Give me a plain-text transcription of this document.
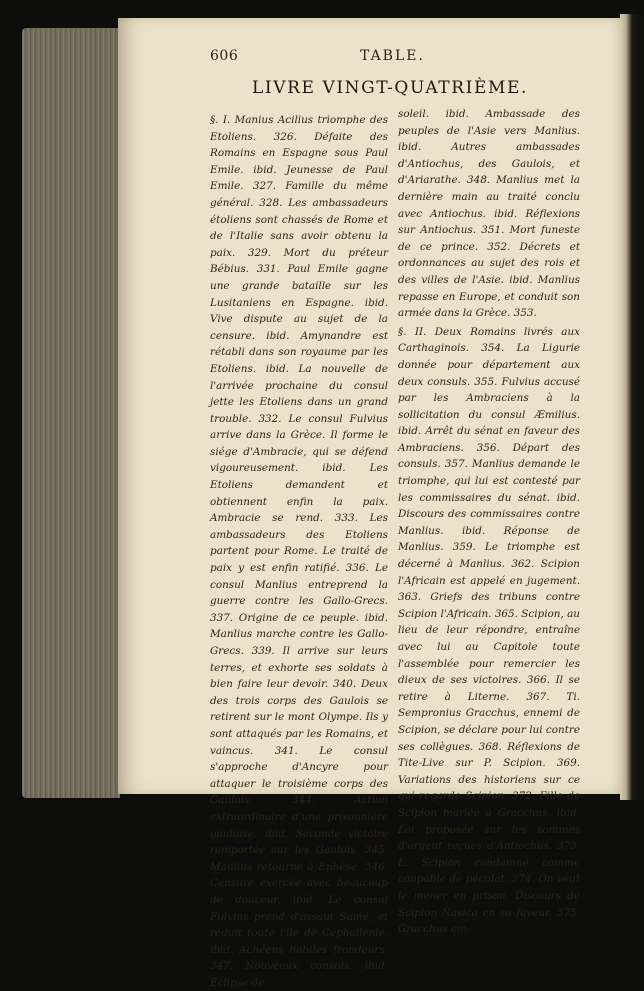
606	TABLE.
LIVRE VINGT-QUATRIÈME.

§. I. Manius Acilius triomphe des Etoliens. 326. Défaite des Romains en Espagne sous Paul Emile. ibid. Jeunesse de Paul Emile. 327. Famille du même général. 328. Les ambassadeurs étoliens sont chassés de Rome et de l'Italie sans avoir obtenu la paix. 329. Mort du préteur Bébius. 331. Paul Emile gagne une grande bataille sur les Lusitaniens en Espagne. ibid. Vive dispute au sujet de la censure. ibid. Amynandre est rétabli dans son royaume par les Etoliens. ibid. La nouvelle de l'arrivée prochaine du consul jette les Etoliens dans un grand trouble. 332. Le consul Fulvius arrive dans la Grèce. Il forme le siége d'Ambracie, qui se défend vigoureusement. ibid. Les Etoliens demandent et obtiennent enfin la paix. Ambracie se rend. 333. Les ambassadeurs des Etoliens partent pour Rome. Le traité de paix y est enfin ratifié. 336. Le consul Manlius entreprend la guerre contre les Gallo-Grecs. 337. Origine de ce peuple. ibid. Manlius marche contre les Gallo-Grecs. 339. Il arrive sur leurs terres, et exhorte ses soldats à bien faire leur devoir. 340. Deux des trois corps des Gaulois se retirent sur le mont Olympe. Ils y sont attaqués par les Romains, et vaincus. 341. Le consul s'approche d'Ancyre pour attaquer le troisième corps des Gaulois. 344. Action extraordinaire d'une prisonnière gauloise. ibid. Seconde victoire remportée sur les Gaulois. 345. Manlius retourne à Ephèse. 346. Censure exercée avec beaucoup de douceur. ibid. Le consul Fulvius prend d'assaut Samé, et réduit toute l'île de Céphallénie. ibid. Achéens habiles frondeurs. 347. Nouveaux consuls. ibid. Eclipse de

soleil. ibid. Ambassade des peuples de l'Asie vers Manlius. ibid. Autres ambassades d'Antiochus, des Gaulois, et d'Ariarathe. 348. Manlius met la dernière main au traité conclu avec Antiochus. ibid. Réflexions sur Antiochus. 351. Mort funeste de ce prince. 352. Décrets et ordonnances au sujet des rois et des villes de l'Asie. ibid. Manlius repasse en Europe, et conduit son armée dans la Grèce. 353.

§. II. Deux Romains livrés aux Carthaginois. 354. La Ligurie donnée pour département aux deux consuls. 355. Fulvius accusé par les Ambraciens à la sollicitation du consul Æmilius. ibid. Arrêt du sénat en faveur des Ambraciens. 356. Départ des consuls. 357. Manlius demande le triomphe, qui lui est contesté par les commissaires du sénat. ibid. Discours des commissaires contre Manlius. ibid. Réponse de Manlius. 359. Le triomphe est décerné à Manlius. 362. Scipion l'Africain est appelé en jugement. 363. Griefs des tribuns contre Scipion l'Africain. 365. Scipion, au lieu de leur répondre, entraîne avec lui au Capitole toute l'assemblée pour remercier les dieux de ses victoires. 366. Il se retire à Literne. 367. Ti. Sempronius Gracchus, ennemi de Scipion, se déclare pour lui contre ses collègues. 368. Réflexions de Tite-Live sur P. Scipion. 369. Variations des historiens sur ce qui regarde Scipion. 372. Fille de Scipion mariée à Gracchus. ibid. Loi proposée sur les sommes d'argent reçues d'Antiochus. 373. L. Scipion condamné comme coupable de péculat. 374. On veut le mener en prison. Discours de Scipion Nasica en sa faveur. 375. Gracchus em-
